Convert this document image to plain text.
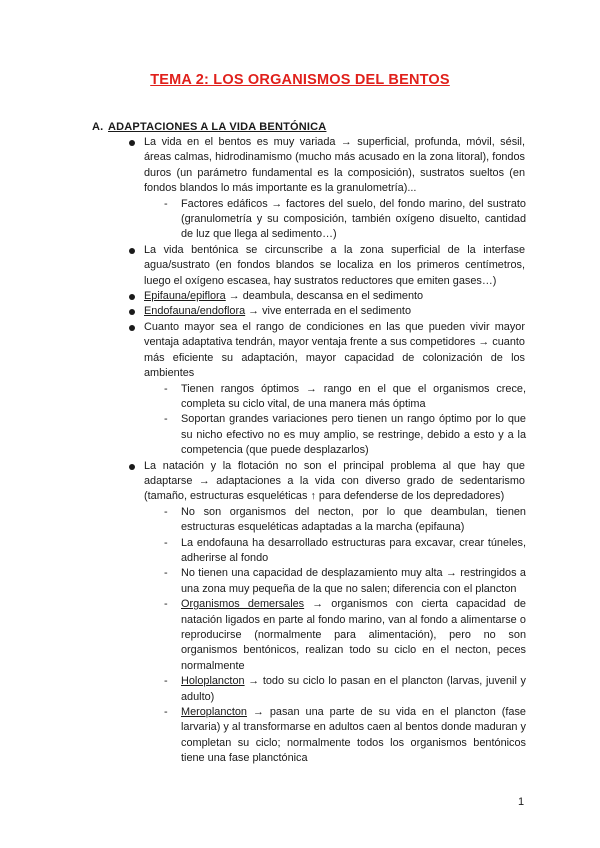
TEMA 2: LOS ORGANISMOS DEL BENTOS
A. ADAPTACIONES A LA VIDA BENTÓNICA
La vida en el bentos es muy variada → superficial, profunda, móvil, sésil, áreas calmas, hidrodinamismo (mucho más acusado en la zona litoral), fondos duros (un parámetro fundamental es la composición), sustratos sueltos (en fondos blandos lo más importante es la granulometría)...
- Factores edáficos → factores del suelo, del fondo marino, del sustrato (granulometría y su composición, también oxígeno disuelto, cantidad de luz que llega al sedimento…)
La vida bentónica se circunscribe a la zona superficial de la interfase agua/sustrato (en fondos blandos se localiza en los primeros centímetros, luego el oxígeno escasea, hay sustratos reductores que emiten gases…)
Epifauna/epiflora → deambula, descansa en el sedimento
Endofauna/endoflora → vive enterrada en el sedimento
Cuanto mayor sea el rango de condiciones en las que pueden vivir mayor ventaja adaptativa tendrán, mayor ventaja frente a sus competidores → cuanto más eficiente su adaptación, mayor capacidad de colonización de los ambientes
- Tienen rangos óptimos → rango en el que el organismos crece, completa su ciclo vital, de una manera más óptima
- Soportan grandes variaciones pero tienen un rango óptimo por lo que su nicho efectivo no es muy amplio, se restringe, debido a esto y a la competencia (que puede desplazarlos)
La natación y la flotación no son el principal problema al que hay que adaptarse → adaptaciones a la vida con diverso grado de sedentarismo (tamaño, estructuras esqueléticas ↑ para defenderse de los depredadores)
- No son organismos del necton, por lo que deambulan, tienen estructuras esqueléticas adaptadas a la marcha (epifauna)
- La endofauna ha desarrollado estructuras para excavar, crear túneles, adherirse al fondo
- No tienen una capacidad de desplazamiento muy alta → restringidos a una zona muy pequeña de la que no salen; diferencia con el plancton
- Organismos demersales → organismos con cierta capacidad de natación ligados en parte al fondo marino, van al fondo a alimentarse o reproducirse (normalmente para alimentación), pero no son organismos bentónicos, realizan todo su ciclo en el necton, peces normalmente
- Holoplancton → todo su ciclo lo pasan en el plancton (larvas, juvenil y adulto)
- Meroplancton → pasan una parte de su vida en el plancton (fase larvaria) y al transformarse en adultos caen al bentos donde maduran y completan su ciclo; normalmente todos los organismos bentónicos tiene una fase planctónica
1
